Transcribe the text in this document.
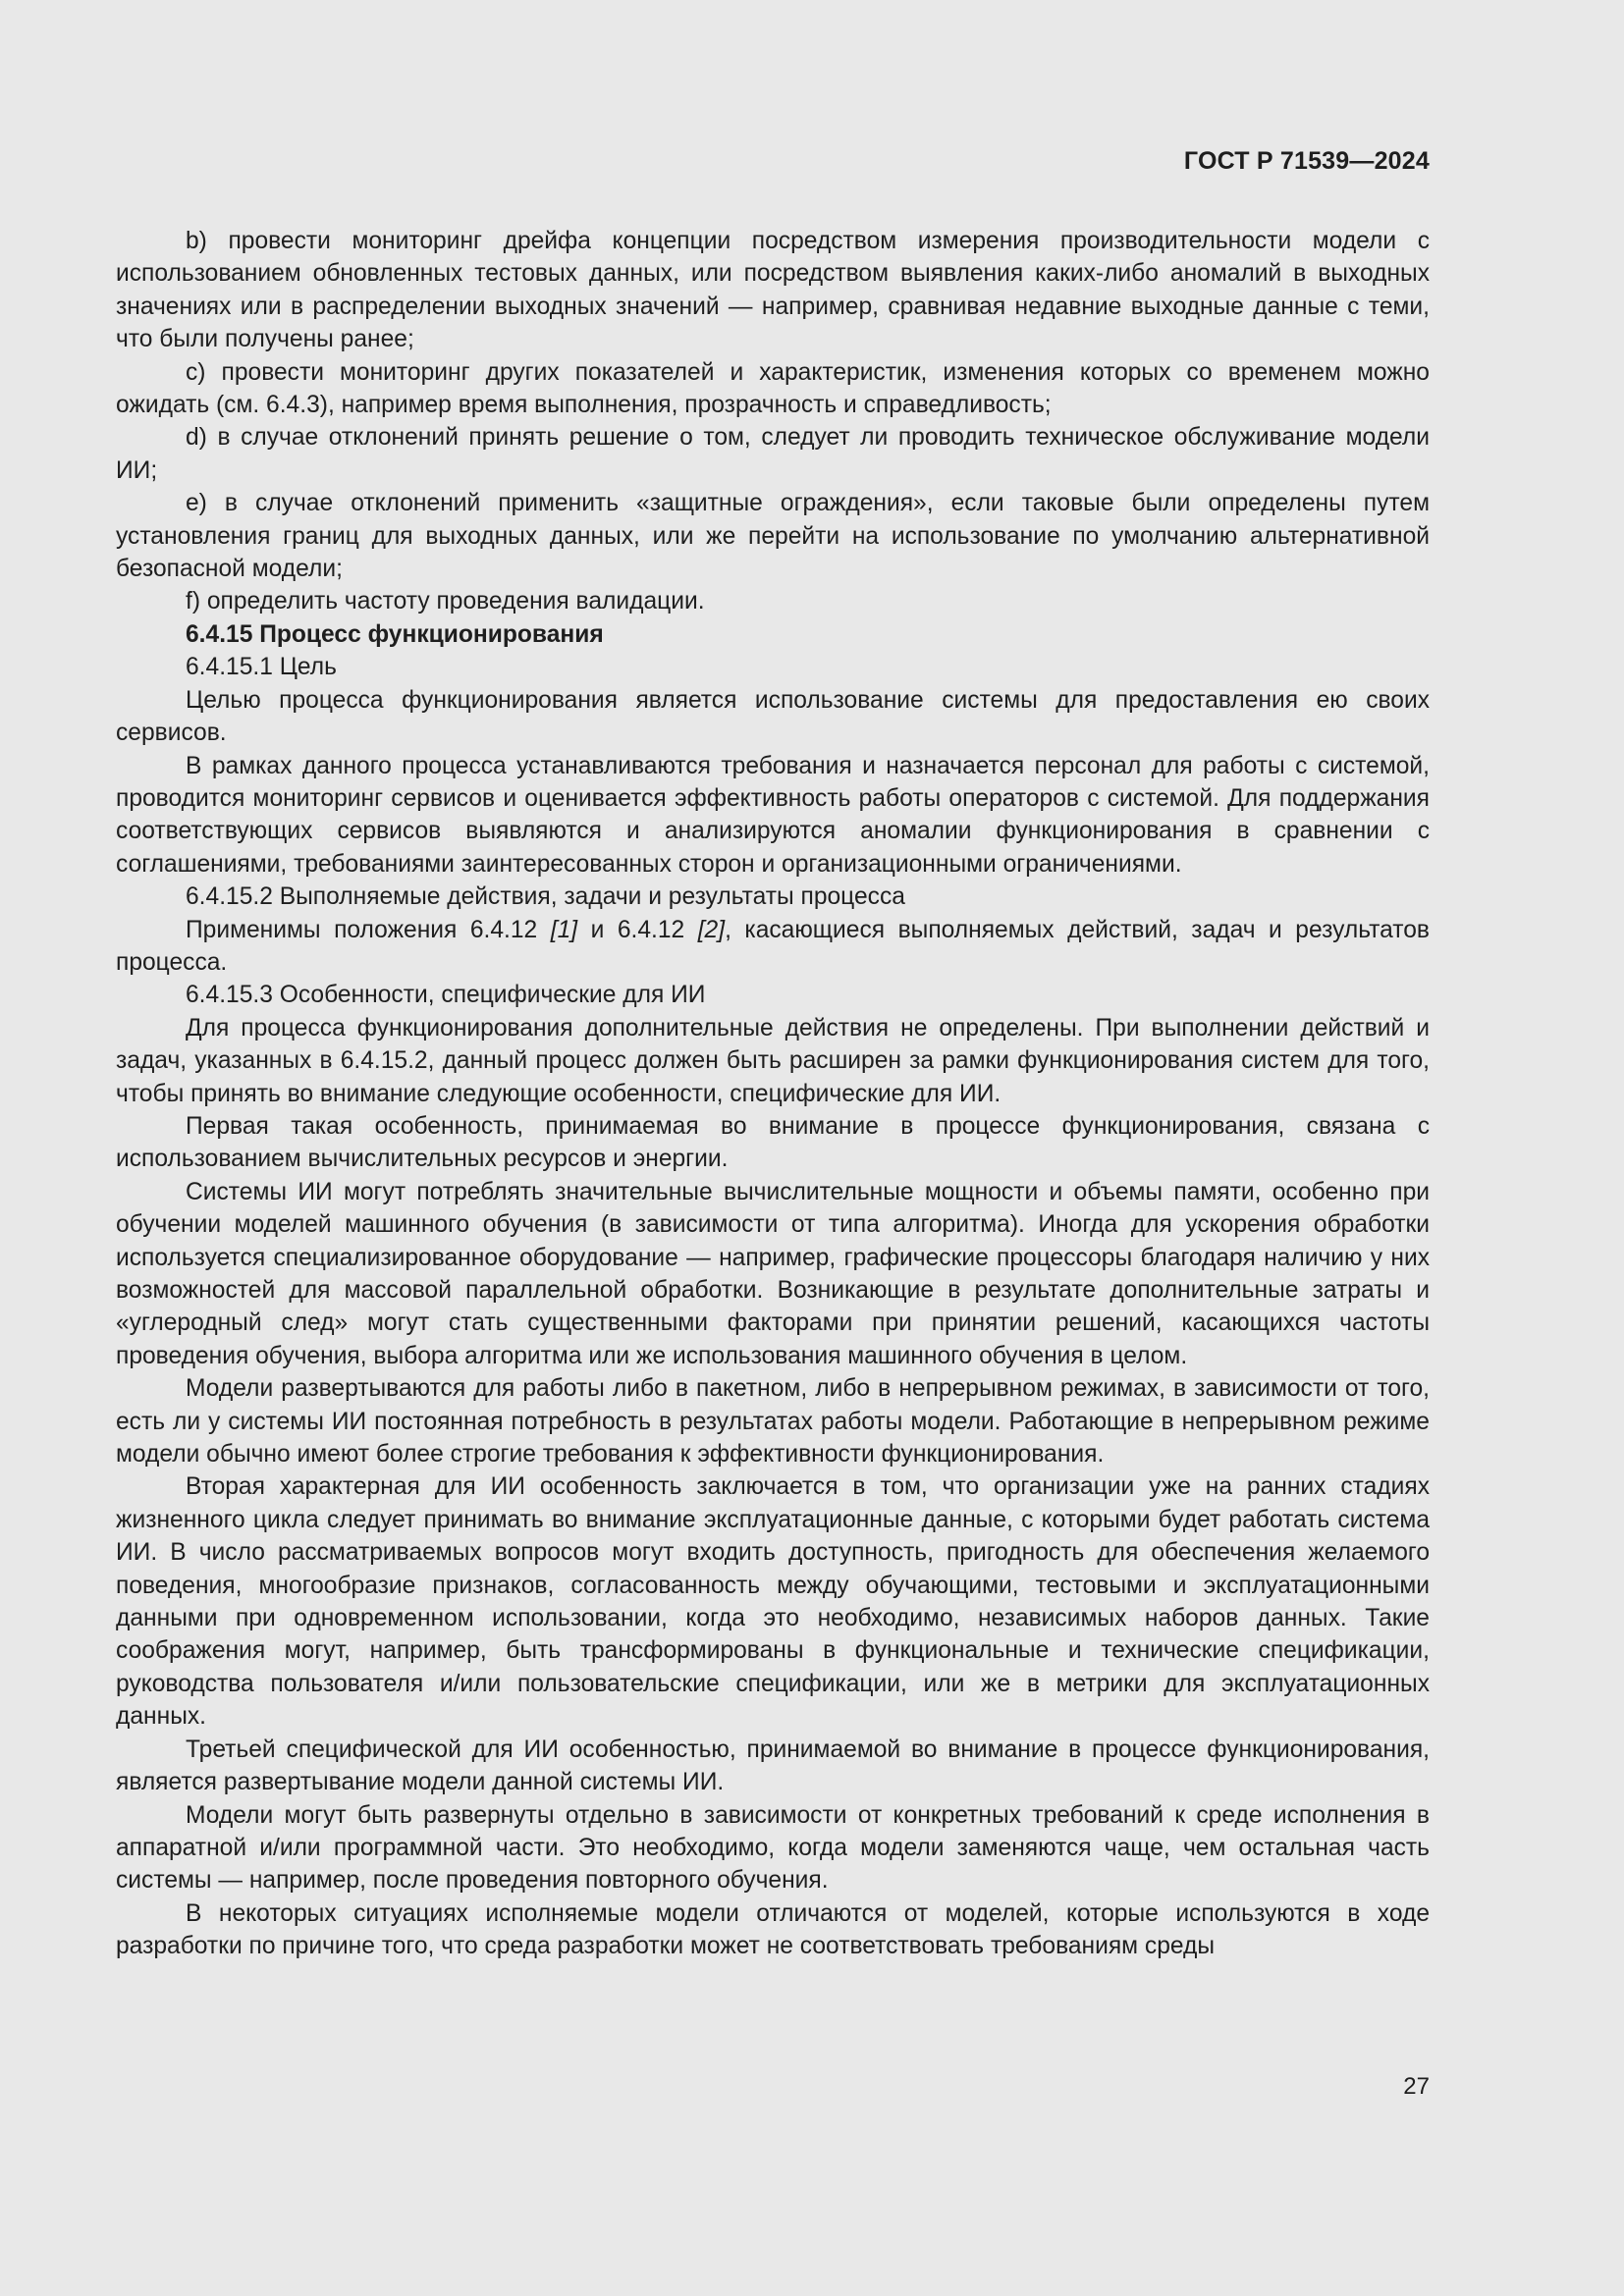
ГОСТ Р 71539—2024

b) провести мониторинг дрейфа концепции посредством измерения производительности модели с использованием обновленных тестовых данных, или посредством выявления каких-либо аномалий в выходных значениях или в распределении выходных значений — например, сравнивая недавние выходные данные с теми, что были получены ранее;

c) провести мониторинг других показателей и характеристик, изменения которых со временем можно ожидать (см. 6.4.3), например время выполнения, прозрачность и справедливость;

d) в случае отклонений принять решение о том, следует ли проводить техническое обслуживание модели ИИ;

e) в случае отклонений применить «защитные ограждения», если таковые были определены путем установления границ для выходных данных, или же перейти на использование по умолчанию альтернативной безопасной модели;

f) определить частоту проведения валидации.

6.4.15 Процесс функционирования

6.4.15.1 Цель

Целью процесса функционирования является использование системы для предоставления ею своих сервисов.

В рамках данного процесса устанавливаются требования и назначается персонал для работы с системой, проводится мониторинг сервисов и оценивается эффективность работы операторов с системой. Для поддержания соответствующих сервисов выявляются и анализируются аномалии функционирования в сравнении с соглашениями, требованиями заинтересованных сторон и организационными ограничениями.

6.4.15.2 Выполняемые действия, задачи и результаты процесса

Применимы положения 6.4.12 [1] и 6.4.12 [2], касающиеся выполняемых действий, задач и результатов процесса.

6.4.15.3 Особенности, специфические для ИИ

Для процесса функционирования дополнительные действия не определены. При выполнении действий и задач, указанных в 6.4.15.2, данный процесс должен быть расширен за рамки функционирования систем для того, чтобы принять во внимание следующие особенности, специфические для ИИ.

Первая такая особенность, принимаемая во внимание в процессе функционирования, связана с использованием вычислительных ресурсов и энергии.

Системы ИИ могут потреблять значительные вычислительные мощности и объемы памяти, особенно при обучении моделей машинного обучения (в зависимости от типа алгоритма). Иногда для ускорения обработки используется специализированное оборудование — например, графические процессоры благодаря наличию у них возможностей для массовой параллельной обработки. Возникающие в результате дополнительные затраты и «углеродный след» могут стать существенными факторами при принятии решений, касающихся частоты проведения обучения, выбора алгоритма или же использования машинного обучения в целом.

Модели развертываются для работы либо в пакетном, либо в непрерывном режимах, в зависимости от того, есть ли у системы ИИ постоянная потребность в результатах работы модели. Работающие в непрерывном режиме модели обычно имеют более строгие требования к эффективности функционирования.

Вторая характерная для ИИ особенность заключается в том, что организации уже на ранних стадиях жизненного цикла следует принимать во внимание эксплуатационные данные, с которыми будет работать система ИИ. В число рассматриваемых вопросов могут входить доступность, пригодность для обеспечения желаемого поведения, многообразие признаков, согласованность между обучающими, тестовыми и эксплуатационными данными при одновременном использовании, когда это необходимо, независимых наборов данных. Такие соображения могут, например, быть трансформированы в функциональные и технические спецификации, руководства пользователя и/или пользовательские спецификации, или же в метрики для эксплуатационных данных.

Третьей специфической для ИИ особенностью, принимаемой во внимание в процессе функционирования, является развертывание модели данной системы ИИ.

Модели могут быть развернуты отдельно в зависимости от конкретных требований к среде исполнения в аппаратной и/или программной части. Это необходимо, когда модели заменяются чаще, чем остальная часть системы — например, после проведения повторного обучения.

В некоторых ситуациях исполняемые модели отличаются от моделей, которые используются в ходе разработки по причине того, что среда разработки может не соответствовать требованиям среды

27
